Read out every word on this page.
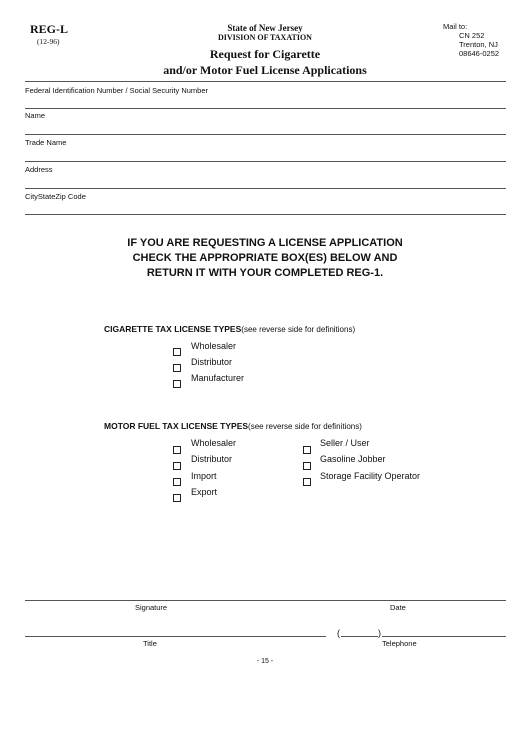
REG-L
(12-96)
State of New Jersey
DIVISION OF TAXATION
Request for Cigarette
and/or Motor Fuel License Applications
Mail to:
CN 252
Trenton, NJ
08646-0252
Federal Identification Number / Social Security Number
Name
Trade Name
Address
CityStateZip Code
IF YOU ARE REQUESTING A LICENSE APPLICATION
CHECK THE APPROPRIATE BOX(ES) BELOW AND
RETURN IT WITH YOUR COMPLETED REG-1.
CIGARETTE TAX LICENSE TYPES(see reverse side for definitions)
Wholesaler
Distributor
Manufacturer
MOTOR FUEL TAX LICENSE TYPES(see reverse side for definitions)
Wholesaler
Distributor
Import
Export
Seller / User
Gasoline Jobber
Storage Facility Operator
Signature	Date
(	)
Title	Telephone
- 15 -
